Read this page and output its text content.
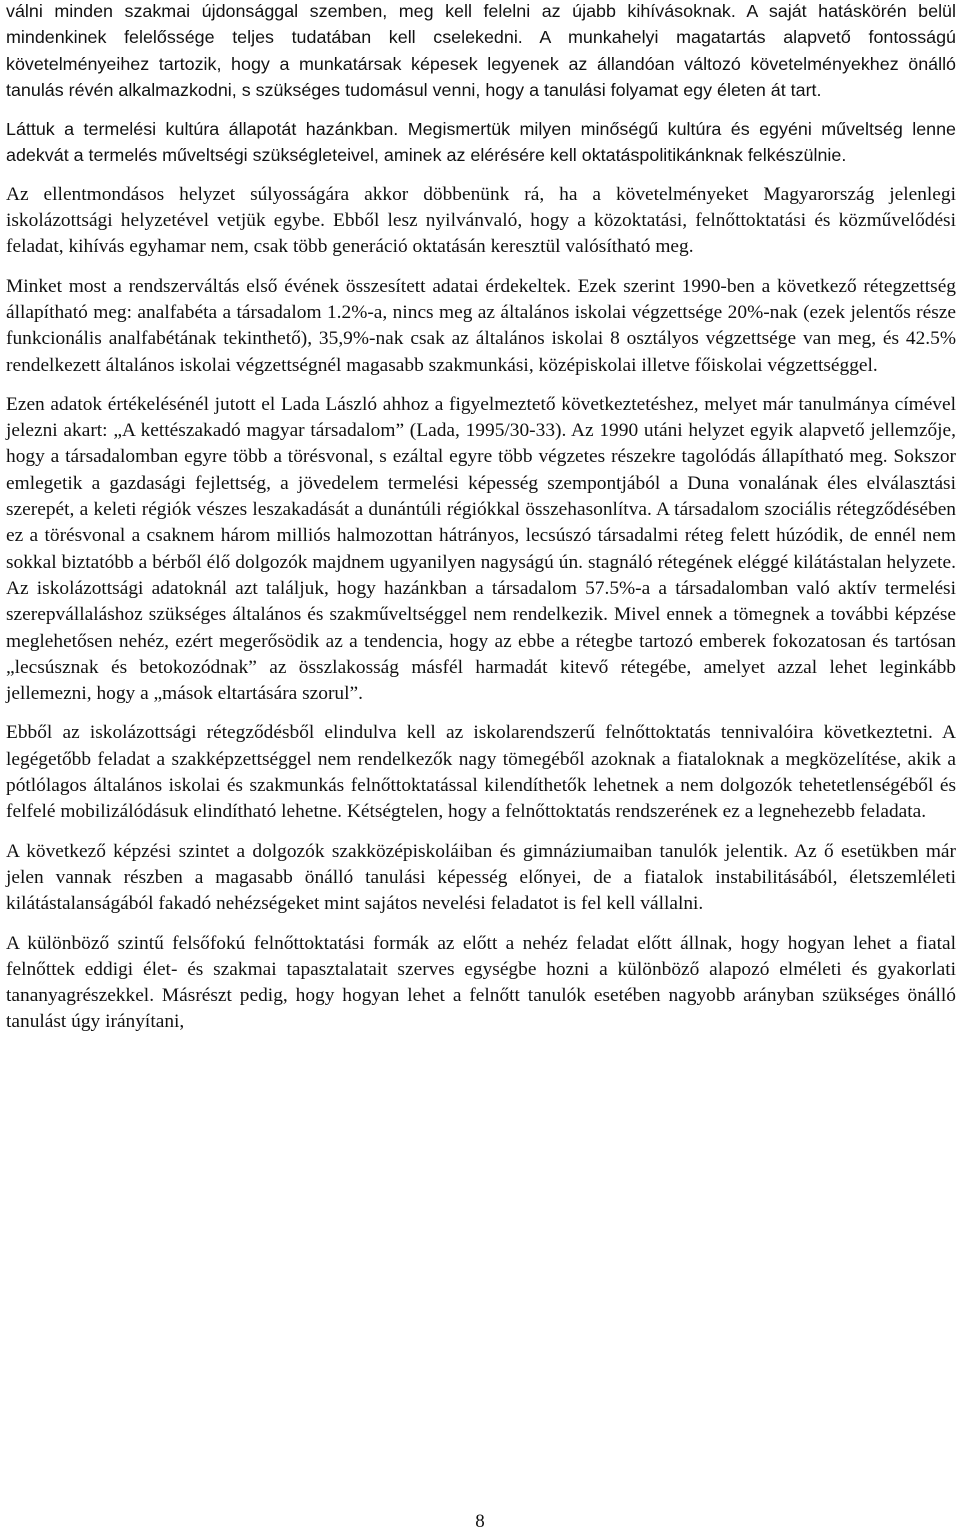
válni minden szakmai újdonsággal szemben, meg kell felelni az újabb kihívásoknak. A saját hatáskörén belül mindenkinek felelőssége teljes tudatában kell cselekedni. A munkahelyi magatartás alapvető fontosságú követelményeihez tartozik, hogy a munkatársak képesek legyenek az állandóan változó követelményekhez önálló tanulás révén alkalmazkodni, s szükséges tudomásul venni, hogy a tanulási folyamat egy életen át tart.

Láttuk a termelési kultúra állapotát hazánkban. Megismertük milyen minőségű kultúra és egyéni műveltség lenne adekvát a termelés műveltségi szükségleteivel, aminek az elérésére kell oktatáspolitikánknak felkészülnie.

Az ellentmondásos helyzet súlyosságára akkor döbbenünk rá, ha a követelményeket Magyarország jelenlegi iskolázottsági helyzetével vetjük egybe. Ebből lesz nyilvánvaló, hogy a közoktatási, felnőttoktatási és közművelődési feladat, kihívás egyhamar nem, csak több generáció oktatásán keresztül valósítható meg.

Minket most a rendszerváltás első évének összesített adatai érdekeltek. Ezek szerint 1990-ben a következő rétegzettség állapítható meg: analfabéta a társadalom 1.2%-a, nincs meg az általános iskolai végzettsége 20%-nak (ezek jelentős része funkcionális analfabétának tekinthető), 35,9%-nak csak az általános iskolai 8 osztályos végzettsége van meg, és 42.5% rendelkezett általános iskolai végzettségnél magasabb szakmunkási, középiskolai illetve főiskolai végzettséggel.

Ezen adatok értékelésénél jutott el Lada László ahhoz a figyelmeztető következtetéshez, melyet már tanulmánya címével jelezni akart: „A kettészakadó magyar társadalom” (Lada, 1995/30-33). Az 1990 utáni helyzet egyik alapvető jellemzője, hogy a társadalomban egyre több a törésvonal, s ezáltal egyre több végzetes részekre tagolódás állapítható meg. Sokszor emlegetik a gazdasági fejlettség, a jövedelem termelési képesség szempontjából a Duna vonalának éles elválasztási szerepét, a keleti régiók vészes leszakadását a dunántúli régiókkal összehasonlítva. A társadalom szociális rétegződésében ez a törésvonal a csaknem három milliós halmozottan hátrányos, lecsúszó társadalmi réteg felett húzódik, de ennél nem sokkal biztatóbb a bérből élő dolgozók majdnem ugyanilyen nagyságú ún. stagnáló rétegének eléggé kilátástalan helyzete. Az iskolázottsági adatoknál azt találjuk, hogy hazánkban a társadalom 57.5%-a a társadalomban való aktív termelési szerepvállaláshoz szükséges általános és szakműveltséggel nem rendelkezik. Mivel ennek a tömegnek a további képzése meglehetősen nehéz, ezért megerősödik az a tendencia, hogy az ebbe a rétegbe tartozó emberek fokozatosan és tartósan „lecsúsznak és betokozódnak” az összlakosság másfél harmadát kitevő rétegébe, amelyet azzal lehet leginkább jellemezni, hogy a „mások eltartására szorul”.

Ebből az iskolázottsági rétegződésből elindulva kell az iskolarendszerű felnőttoktatás tennivalóira következtetni. A legégetőbb feladat a szakképzettséggel nem rendelkezők nagy tömegéből azoknak a fiataloknak a megközelítése, akik a pótlólagos általános iskolai és szakmunkás felnőttoktatással kilendíthetők lehetnek a nem dolgozók tehetetlenségéből és felfelé mobilizálódásuk elindítható lehetne. Kétségtelen, hogy a felnőttoktatás rendszerének ez a legnehezebb feladata.

A következő képzési szintet a dolgozók szakközépiskoláiban és gimnáziumaiban tanulók jelentik. Az ő esetükben már jelen vannak részben a magasabb önálló tanulási képesség előnyei, de a fiatalok instabilitásából, életszemléleti kilátástalanságából fakadó nehézségeket mint sajátos nevelési feladatot is fel kell vállalni.

A különböző szintű felsőfokú felnőttoktatási formák az előtt a nehéz feladat előtt állnak, hogy hogyan lehet a fiatal felnőttek eddigi élet- és szakmai tapasztalatait szerves egységbe hozni a különböző alapozó elméleti és gyakorlati tananyagrészekkel. Másrészt pedig, hogy hogyan lehet a felnőtt tanulók esetében nagyobb arányban szükséges önálló tanulást úgy irányítani,

8
